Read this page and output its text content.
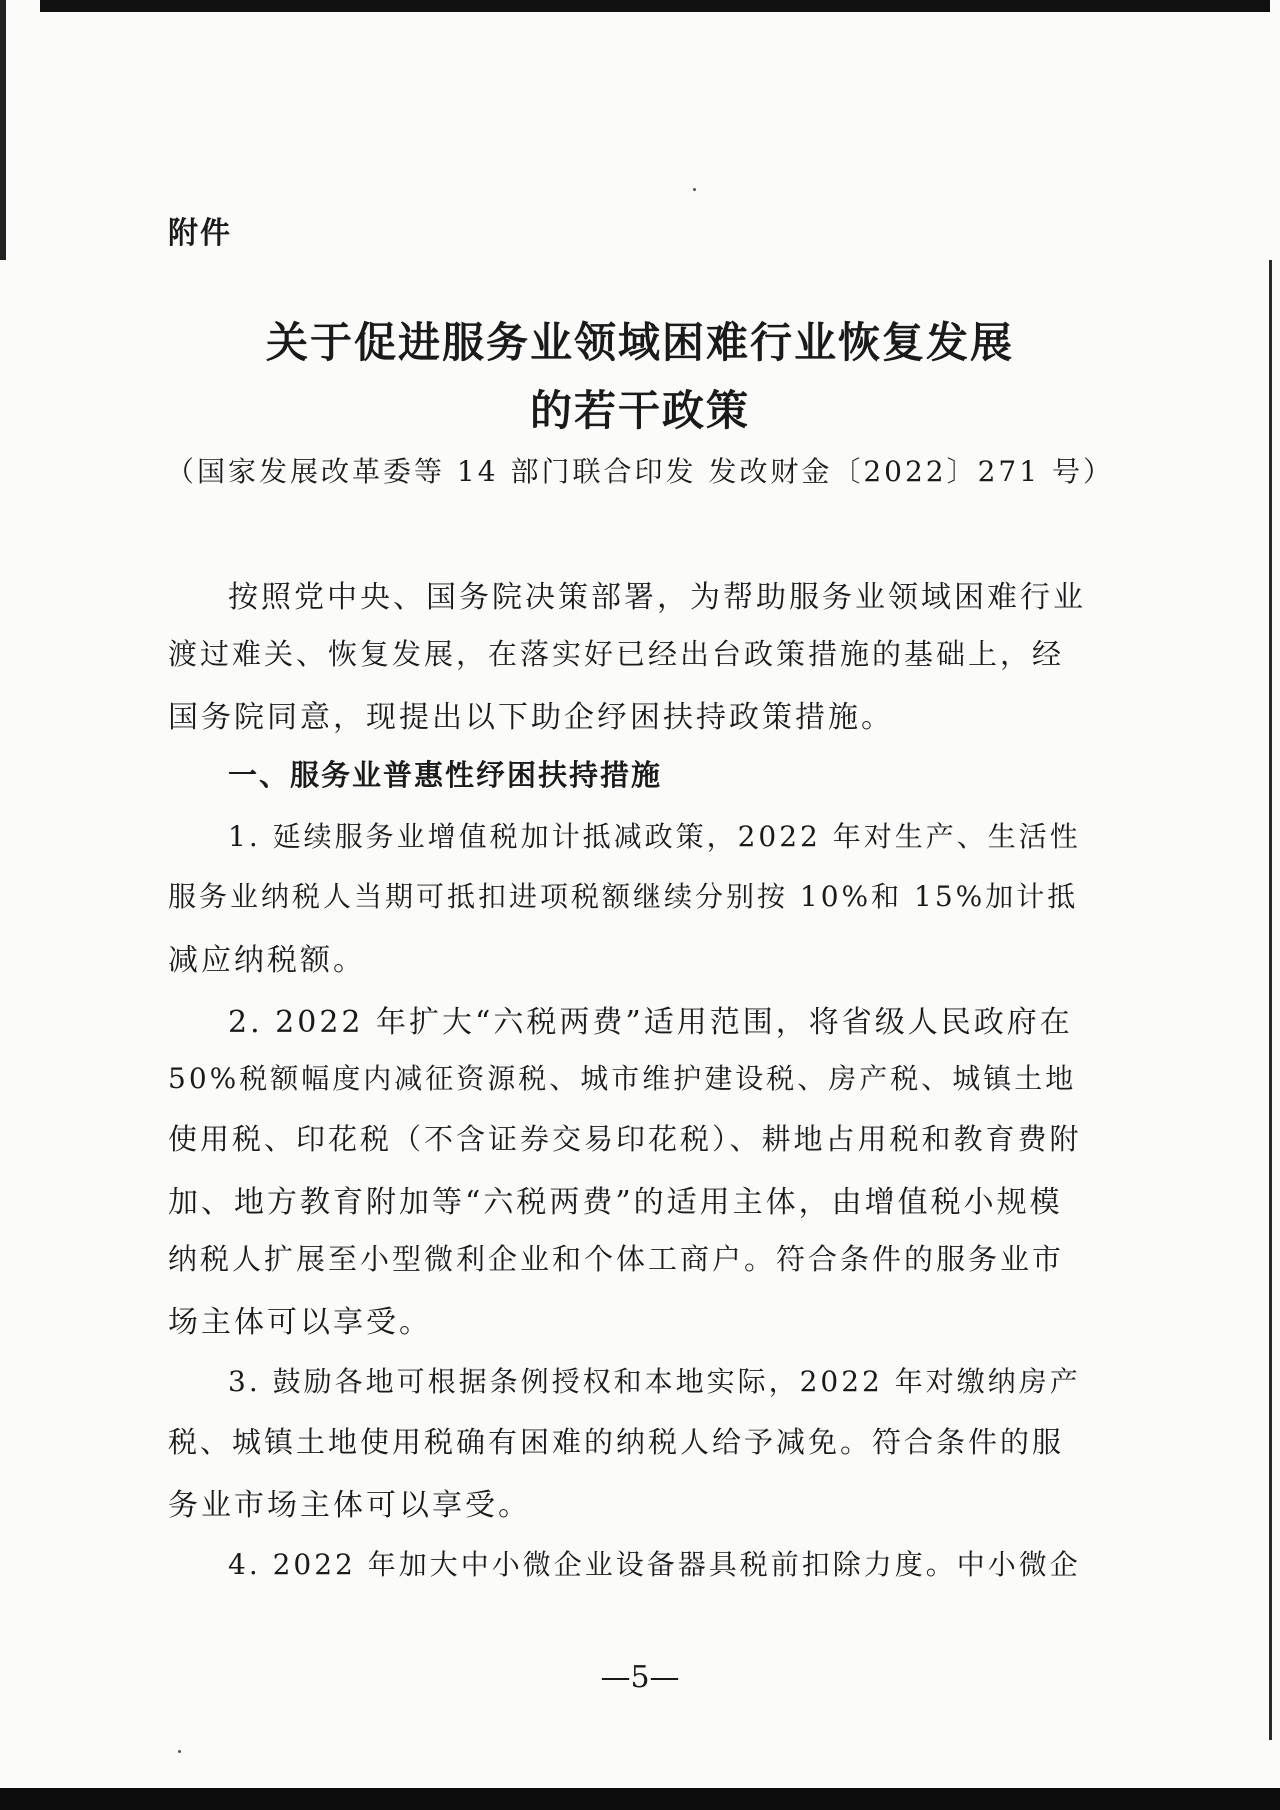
附件
关于促进服务业领域困难行业恢复发展
的若干政策
（国家发展改革委等 14 部门联合印发 发改财金〔2022〕271 号）
按照党中央、国务院决策部署，为帮助服务业领域困难行业
渡过难关、恢复发展，在落实好已经出台政策措施的基础上，经
国务院同意，现提出以下助企纾困扶持政策措施。
一、服务业普惠性纾困扶持措施
1. 延续服务业增值税加计抵减政策，2022 年对生产、生活性
服务业纳税人当期可抵扣进项税额继续分别按 10%和 15%加计抵
减应纳税额。
2. 2022 年扩大“六税两费”适用范围，将省级人民政府在
50%税额幅度内减征资源税、城市维护建设税、房产税、城镇土地
使用税、印花税（不含证券交易印花税）、耕地占用税和教育费附
加、地方教育附加等“六税两费”的适用主体，由增值税小规模
纳税人扩展至小型微利企业和个体工商户。符合条件的服务业市
场主体可以享受。
3. 鼓励各地可根据条例授权和本地实际，2022 年对缴纳房产
税、城镇土地使用税确有困难的纳税人给予减免。符合条件的服
务业市场主体可以享受。
4. 2022 年加大中小微企业设备器具税前扣除力度。中小微企
—5—
